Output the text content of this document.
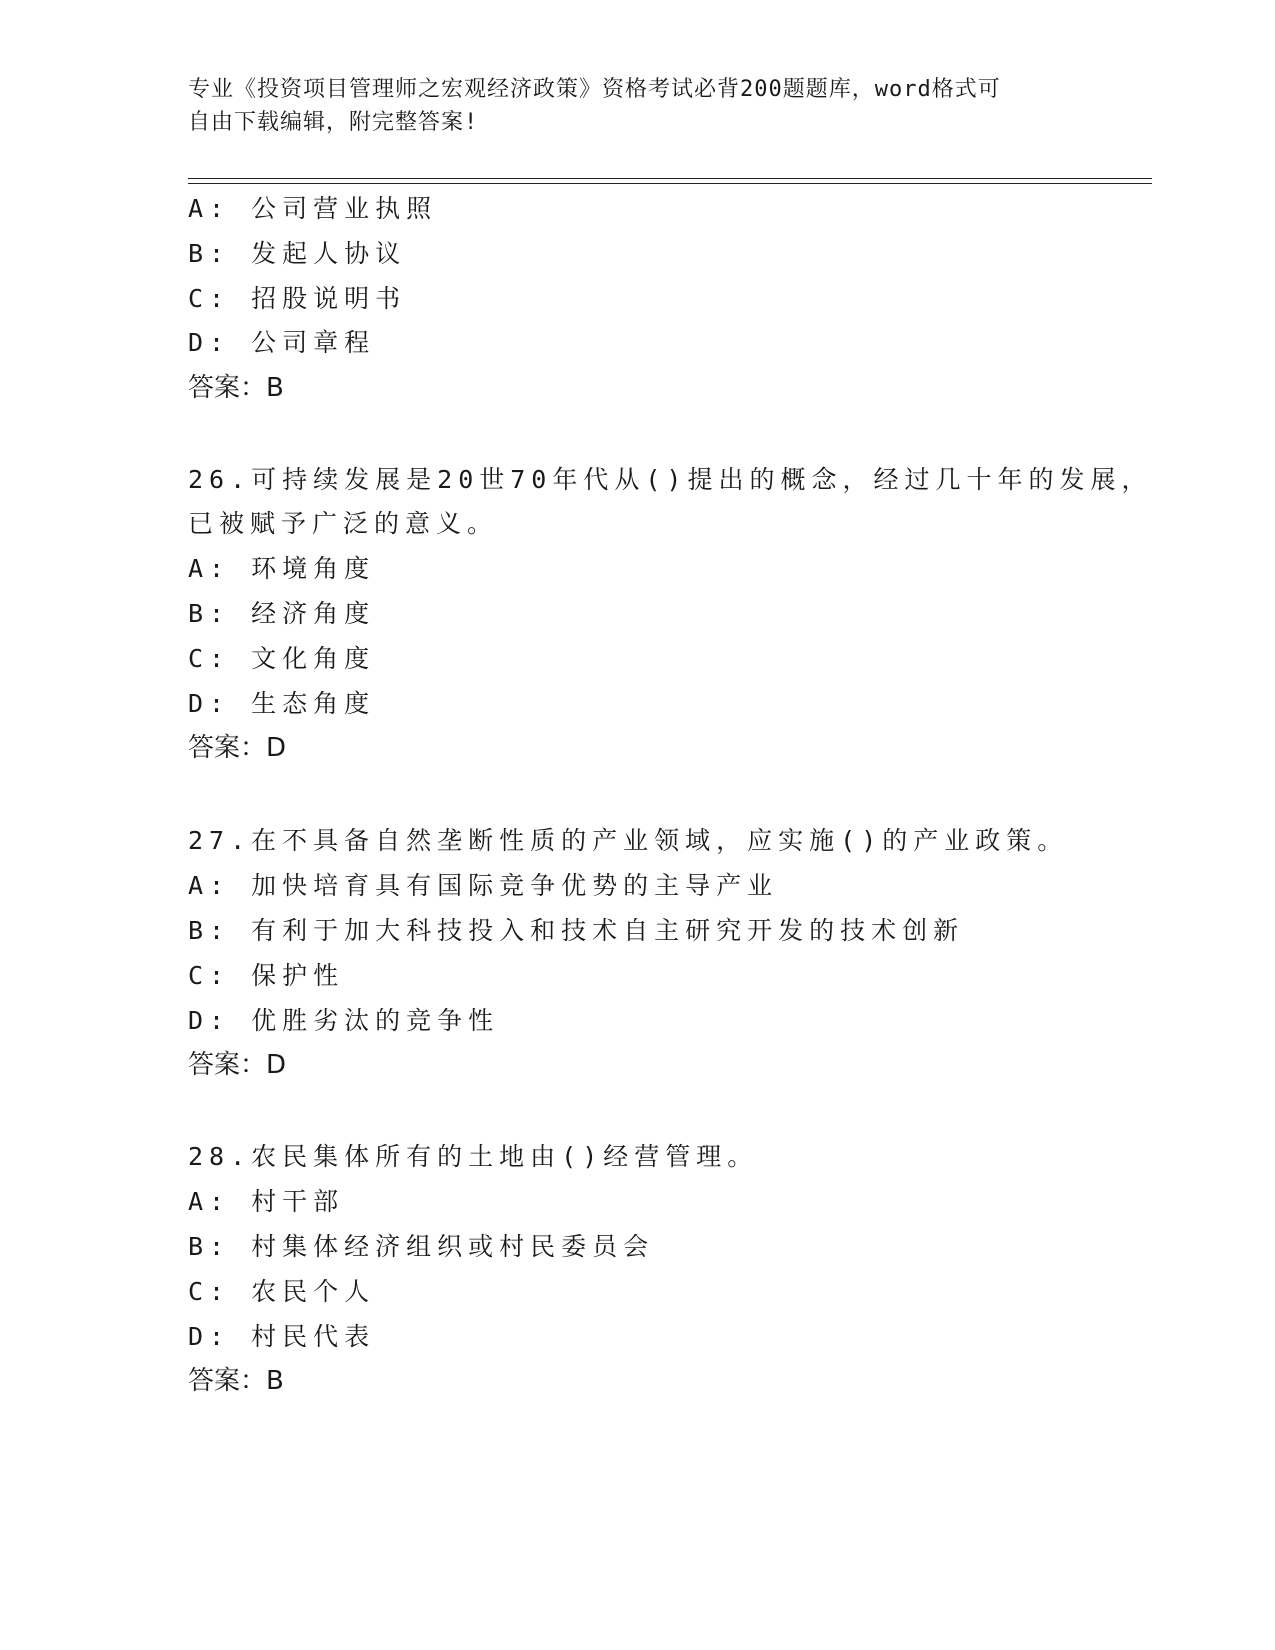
专业《投资项目管理师之宏观经济政策》资格考试必背200题题库，word格式可
自由下载编辑，附完整答案!
A: 公司营业执照
B: 发起人协议
C: 招股说明书
D: 公司章程
答案：B
26.可持续发展是20世70年代从()提出的概念，经过几十年的发展，
已被赋予广泛的意义。
A: 环境角度
B: 经济角度
C: 文化角度
D: 生态角度
答案：D
27.在不具备自然垄断性质的产业领域，应实施()的产业政策。
A: 加快培育具有国际竞争优势的主导产业
B: 有利于加大科技投入和技术自主研究开发的技术创新
C: 保护性
D: 优胜劣汰的竞争性
答案：D
28.农民集体所有的土地由()经营管理。
A: 村干部
B: 村集体经济组织或村民委员会
C: 农民个人
D: 村民代表
答案：B
